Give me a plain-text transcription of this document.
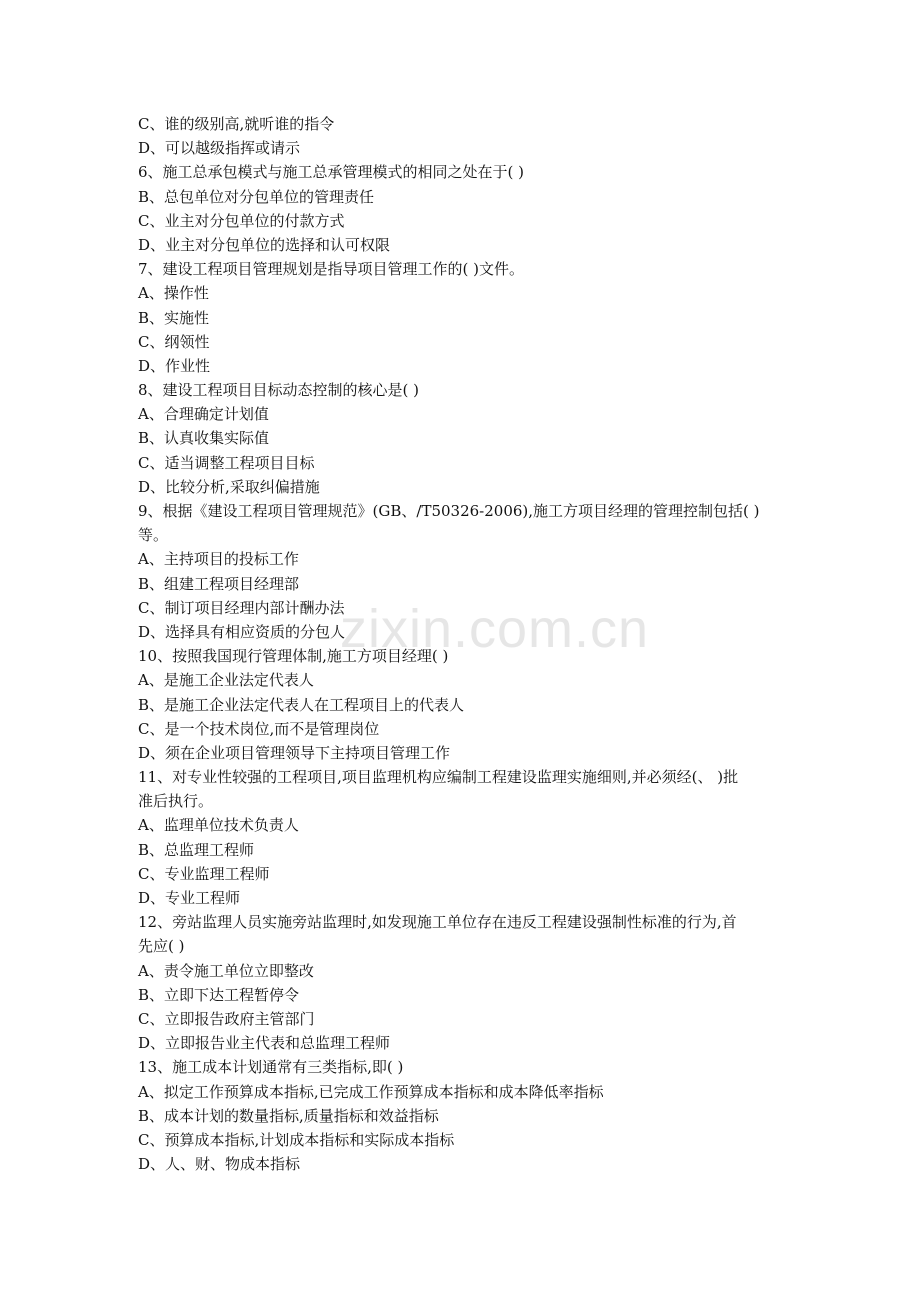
zixin.com.cn
C、谁的级别高,就听谁的指令
D、可以越级指挥或请示
6、施工总承包模式与施工总承管理模式的相同之处在于( )
B、总包单位对分包单位的管理责任
C、业主对分包单位的付款方式
D、业主对分包单位的选择和认可权限
7、建设工程项目管理规划是指导项目管理工作的( )文件。
A、操作性
B、实施性
C、纲领性
D、作业性
8、建设工程项目目标动态控制的核心是( )
A、合理确定计划值
B、认真收集实际值
C、适当调整工程项目目标
D、比较分析,采取纠偏措施
9、根据《建设工程项目管理规范》(GB、/T50326-2006),施工方项目经理的管理控制包括( )
等。
A、主持项目的投标工作
B、组建工程项目经理部
C、制订项目经理内部计酬办法
D、选择具有相应资质的分包人
10、按照我国现行管理体制,施工方项目经理( )
A、是施工企业法定代表人
B、是施工企业法定代表人在工程项目上的代表人
C、是一个技术岗位,而不是管理岗位
D、须在企业项目管理领导下主持项目管理工作
11、对专业性较强的工程项目,项目监理机构应编制工程建设监理实施细则,并必须经(、 )批
准后执行。
A、监理单位技术负责人
B、总监理工程师
C、专业监理工程师
D、专业工程师
12、旁站监理人员实施旁站监理时,如发现施工单位存在违反工程建设强制性标准的行为,首
先应( )
A、责令施工单位立即整改
B、立即下达工程暂停令
C、立即报告政府主管部门
D、立即报告业主代表和总监理工程师
13、施工成本计划通常有三类指标,即( )
A、拟定工作预算成本指标,已完成工作预算成本指标和成本降低率指标
B、成本计划的数量指标,质量指标和效益指标
C、预算成本指标,计划成本指标和实际成本指标
D、人、财、物成本指标
